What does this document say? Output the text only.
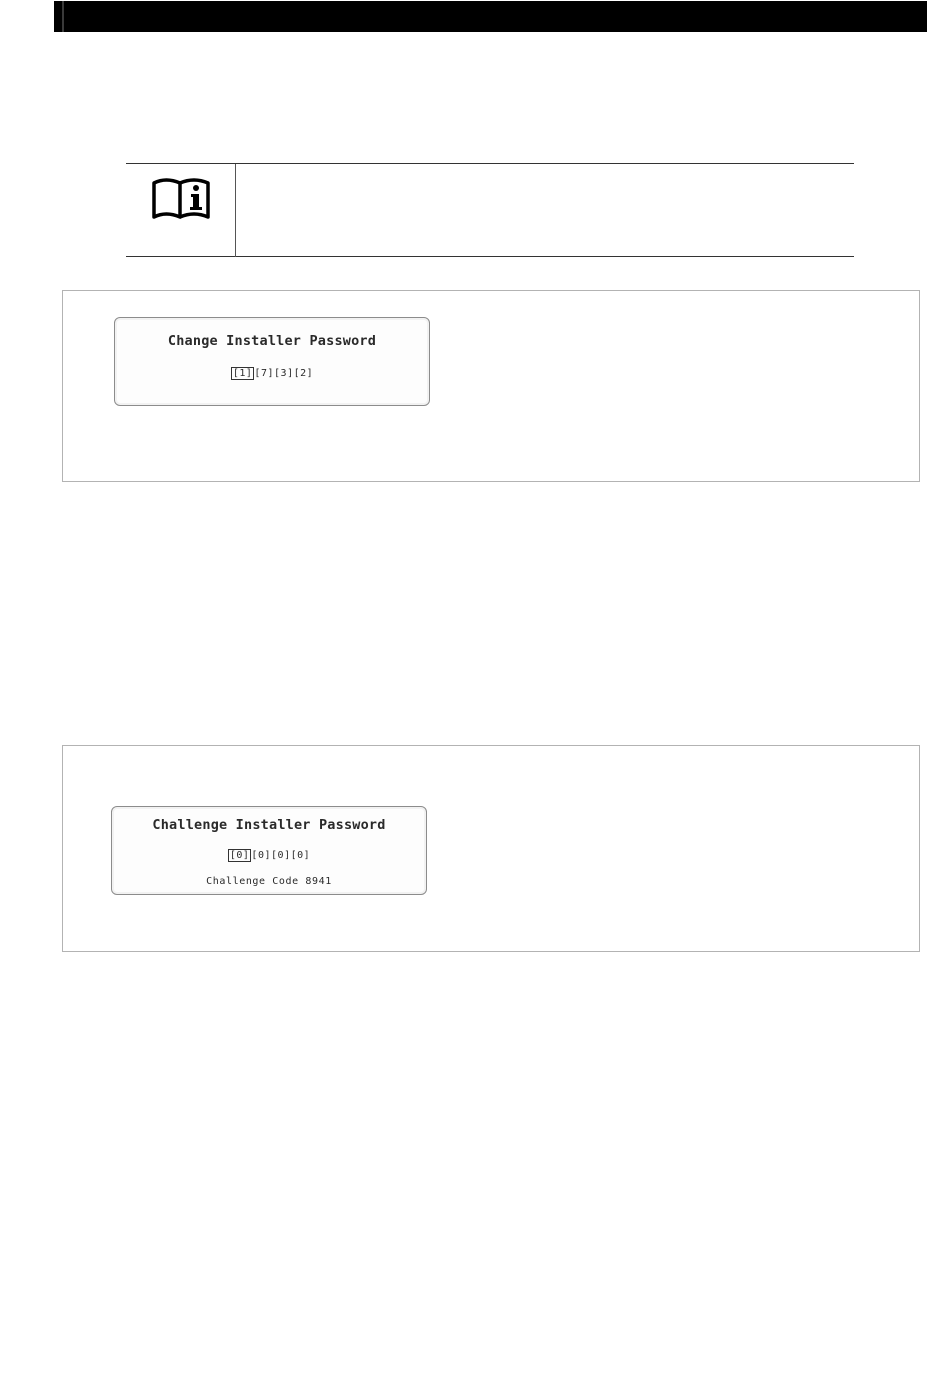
Change Installer Password
[1] [7][3][2]
Challenge Installer Password
[0] [0][0][0]
Challenge Code 8941
